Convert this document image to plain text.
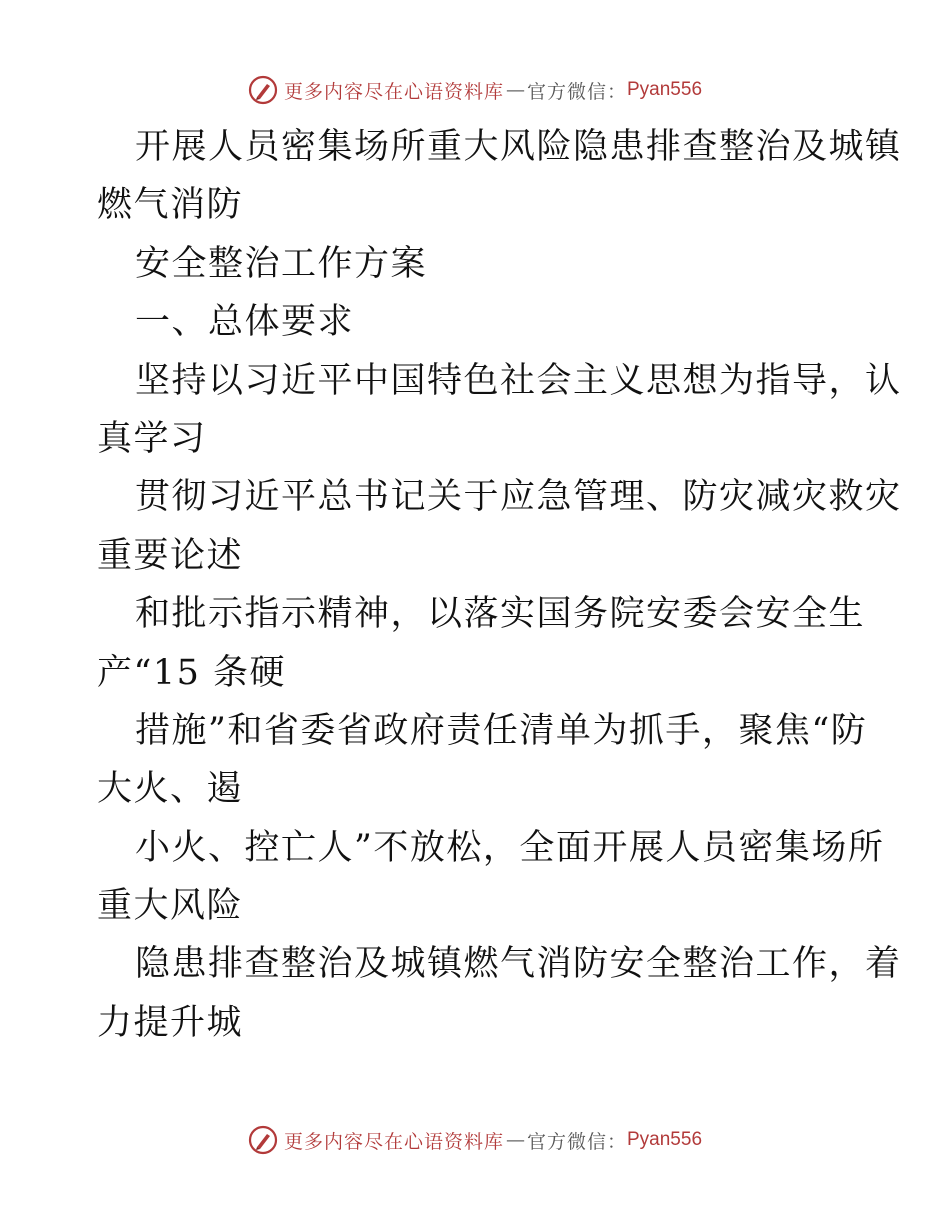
更多内容尽在心语资料库 — 官方微信： Pyan556
开展人员密集场所重大风险隐患排查整治及城镇
燃气消防
安全整治工作方案
一、总体要求
坚持以习近平中国特色社会主义思想为指导，认
真学习
贯彻习近平总书记关于应急管理、防灾减灾救灾
重要论述
和批示指示精神，以落实国务院安委会安全生
产“15 条硬
措施”和省委省政府责任清单为抓手，聚焦“防
大火、遏
小火、控亡人”不放松，全面开展人员密集场所
重大风险
隐患排查整治及城镇燃气消防安全整治工作，着
力提升城
更多内容尽在心语资料库 — 官方微信： Pyan556
